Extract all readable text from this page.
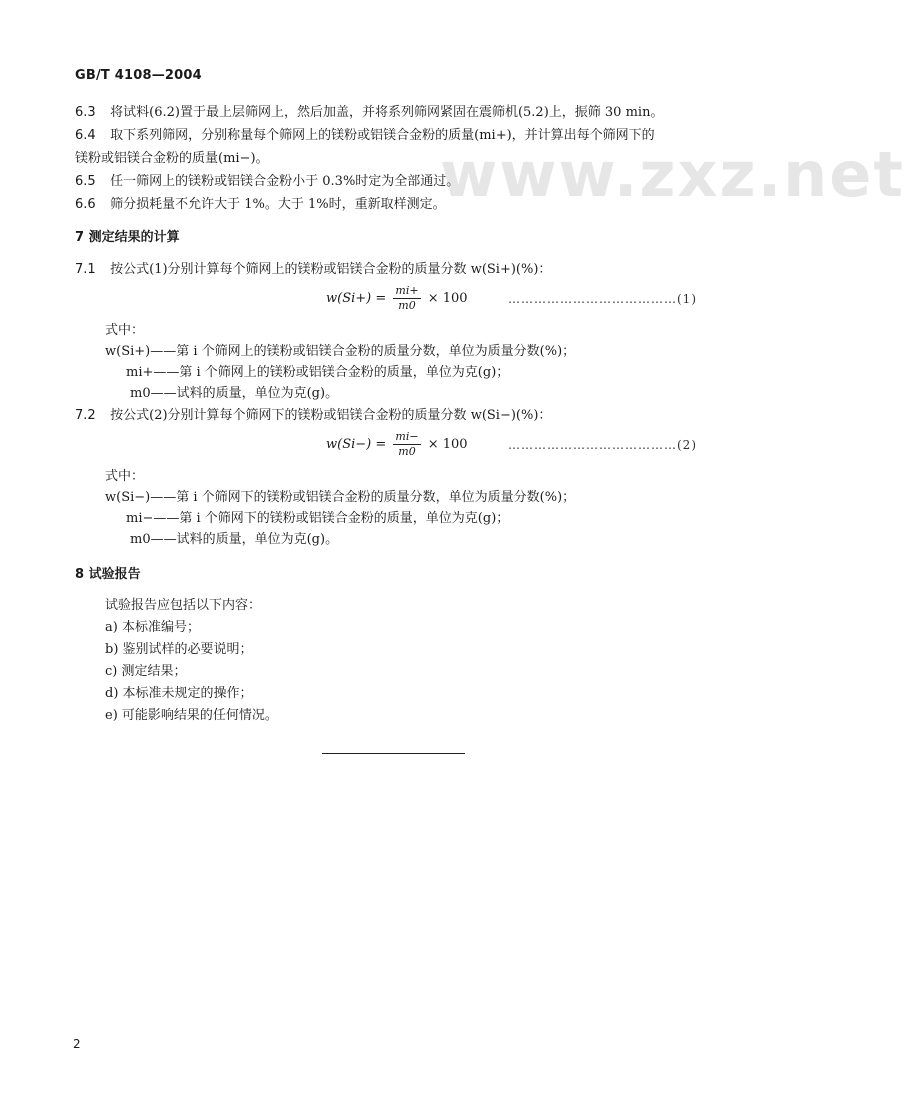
www.zxz.net
GB/T 4108—2004
6.3 将试料(6.2)置于最上层筛网上，然后加盖，并将系列筛网紧固在震筛机(5.2)上，振筛 30 min。
6.4 取下系列筛网，分别称量每个筛网上的镁粉或铝镁合金粉的质量(mi+)，并计算出每个筛网下的
镁粉或铝镁合金粉的质量(mi−)。
6.5 任一筛网上的镁粉或铝镁合金粉小于 0.3%时定为全部通过。
6.6 筛分损耗量不允许大于 1%。大于 1%时，重新取样测定。
7 测定结果的计算
7.1 按公式(1)分别计算每个筛网上的镁粉或铝镁合金粉的质量分数 w(Si+)(%)：
$w(Si+) = \frac{mi+}{m0} \times 100$	…………………………………(1)
式中：
w(Si+)——第 i 个筛网上的镁粉或铝镁合金粉的质量分数，单位为质量分数(%)；
mi+——第 i 个筛网上的镁粉或铝镁合金粉的质量，单位为克(g)；
m0——试料的质量，单位为克(g)。
7.2 按公式(2)分别计算每个筛网下的镁粉或铝镁合金粉的质量分数 w(Si−)(%)：
$w(Si-) = \frac{mi-}{m0} \times 100$	…………………………………(2)
式中：
w(Si−)——第 i 个筛网下的镁粉或铝镁合金粉的质量分数，单位为质量分数(%)；
mi−——第 i 个筛网下的镁粉或铝镁合金粉的质量，单位为克(g)；
m0——试料的质量，单位为克(g)。
8 试验报告
试验报告应包括以下内容：
a) 本标准编号；
b) 鉴别试样的必要说明；
c) 测定结果；
d) 本标准未规定的操作；
e) 可能影响结果的任何情况。
2
